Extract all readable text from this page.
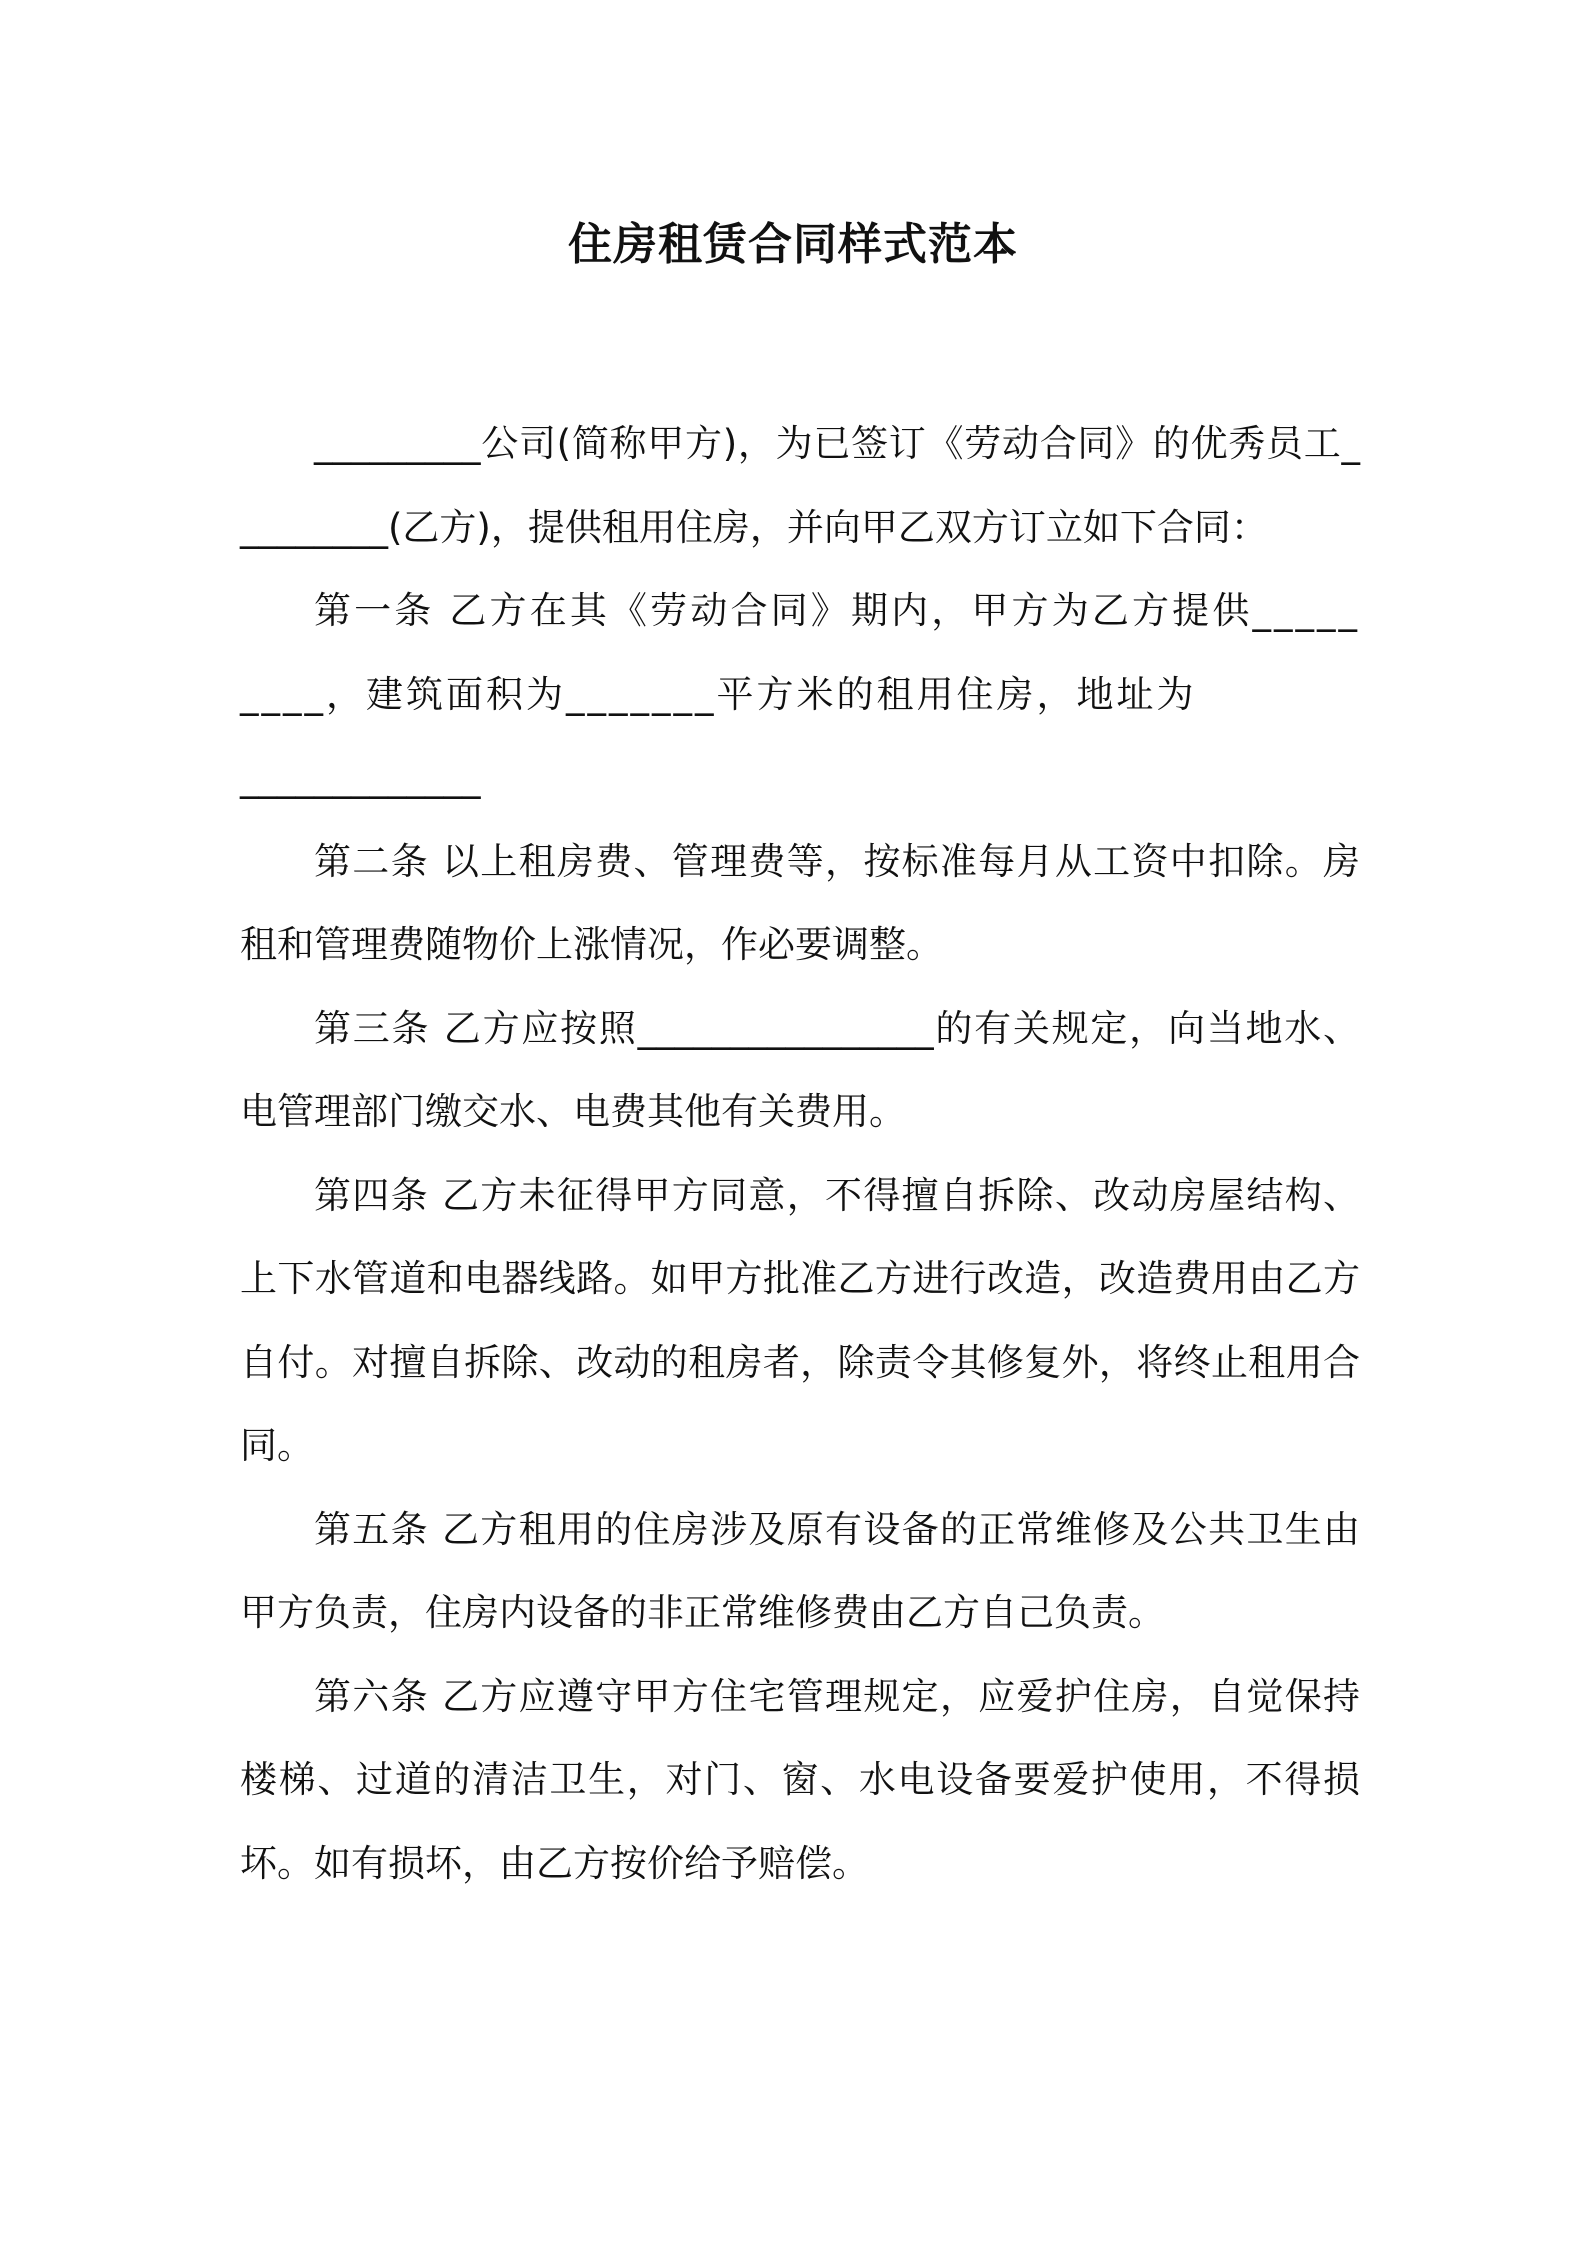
住房租赁合同样式范本

_________公司(简称甲方)，为已签订《劳动合同》的优秀员工_________(乙方)，提供租用住房，并向甲乙双方订立如下合同：

第一条 乙方在其《劳动合同》期内，甲方为乙方提供_________，建筑面积为_______平方米的租用住房，地址为

_____________

第二条 以上租房费、管理费等，按标准每月从工资中扣除。房租和管理费随物价上涨情况，作必要调整。

第三条 乙方应按照________________的有关规定，向当地水、电管理部门缴交水、电费其他有关费用。

第四条 乙方未征得甲方同意，不得擅自拆除、改动房屋结构、上下水管道和电器线路。如甲方批准乙方进行改造，改造费用由乙方自付。对擅自拆除、改动的租房者，除责令其修复外，将终止租用合同。

第五条 乙方租用的住房涉及原有设备的正常维修及公共卫生由甲方负责，住房内设备的非正常维修费由乙方自己负责。

第六条 乙方应遵守甲方住宅管理规定，应爱护住房，自觉保持楼梯、过道的清洁卫生，对门、窗、水电设备要爱护使用，不得损坏。如有损坏，由乙方按价给予赔偿。
